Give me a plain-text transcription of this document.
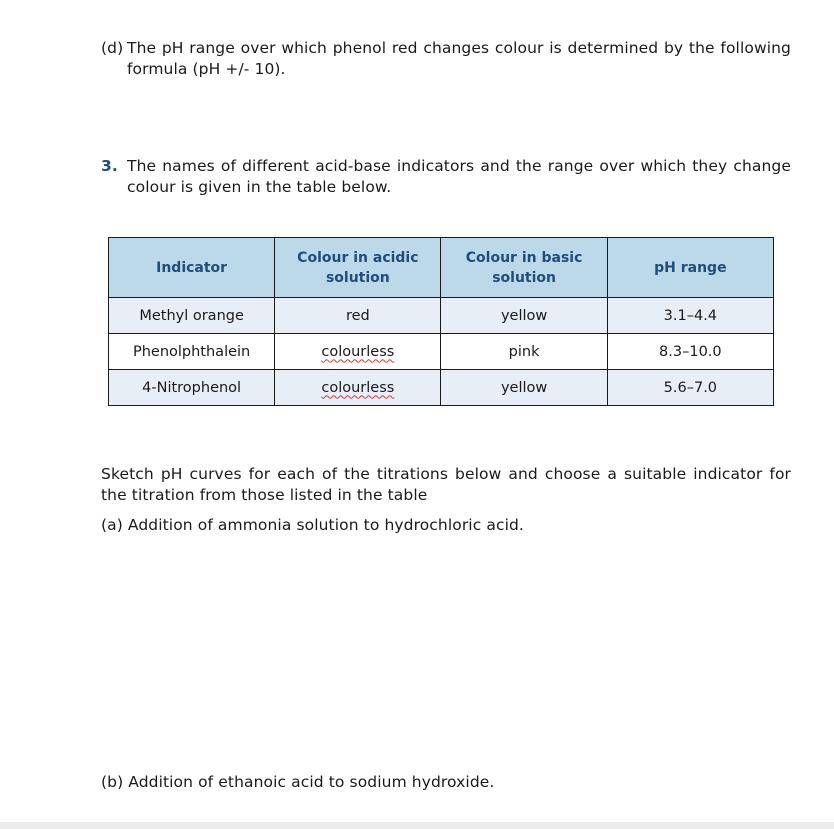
(d) The pH range over which phenol red changes colour is determined by the following formula (pH +/- 10).
3. The names of different acid-base indicators and the range over which they change colour is given in the table below.
Indicator	Colour in acidic solution	Colour in basic solution	pH range
Methyl orange	red	yellow	3.1–4.4
Phenolphthalein	colourless	pink	8.3–10.0
4-Nitrophenol	colourless	yellow	5.6–7.0
Sketch pH curves for each of the titrations below and choose a suitable indicator for the titration from those listed in the table
(a) Addition of ammonia solution to hydrochloric acid.
(b) Addition of ethanoic acid to sodium hydroxide.
